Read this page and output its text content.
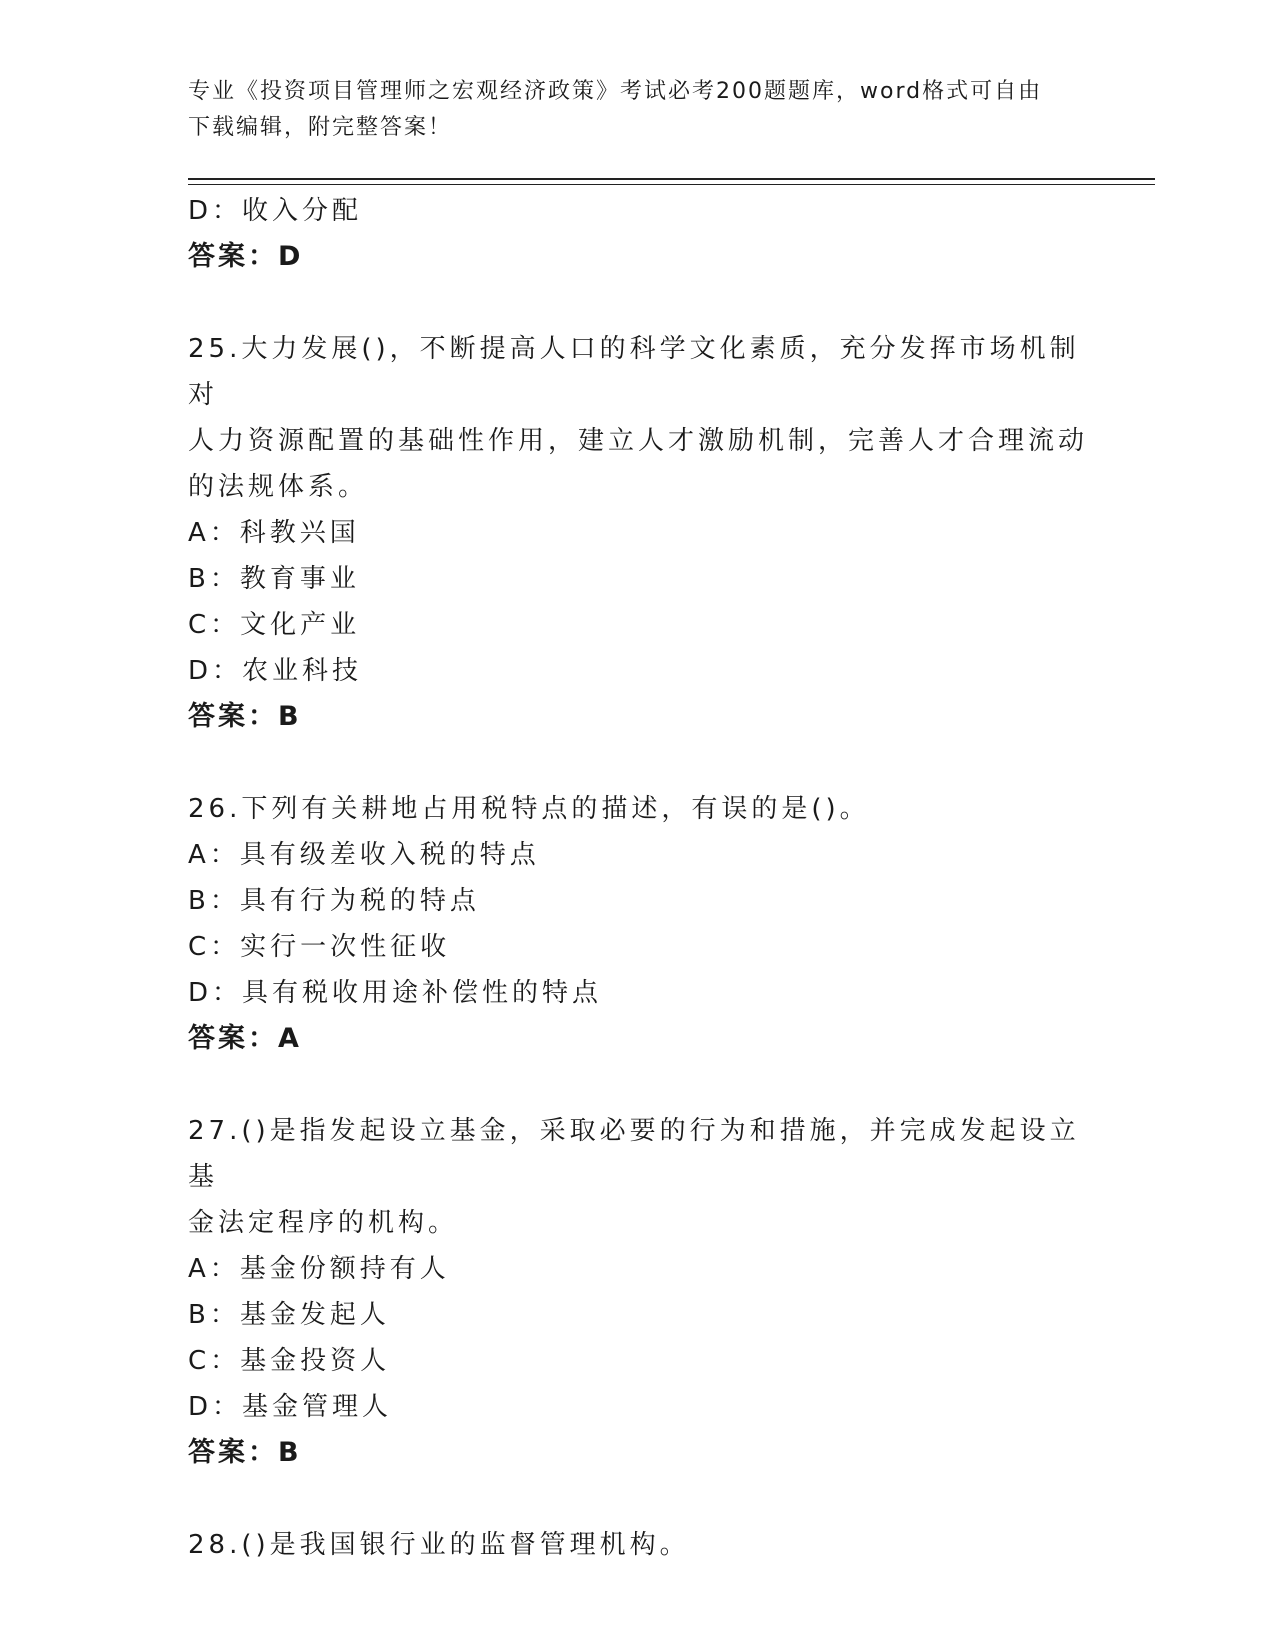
专业《投资项目管理师之宏观经济政策》考试必考200题题库，word格式可自由
下载编辑，附完整答案！
D：收入分配
答案：D
25.大力发展()，不断提高人口的科学文化素质，充分发挥市场机制对
人力资源配置的基础性作用，建立人才激励机制，完善人才合理流动
的法规体系。
A：科教兴国
B：教育事业
C：文化产业
D：农业科技
答案：B
26.下列有关耕地占用税特点的描述，有误的是()。
A：具有级差收入税的特点
B：具有行为税的特点
C：实行一次性征收
D：具有税收用途补偿性的特点
答案：A
27.()是指发起设立基金，采取必要的行为和措施，并完成发起设立基
金法定程序的机构。
A：基金份额持有人
B：基金发起人
C：基金投资人
D：基金管理人
答案：B
28.()是我国银行业的监督管理机构。
